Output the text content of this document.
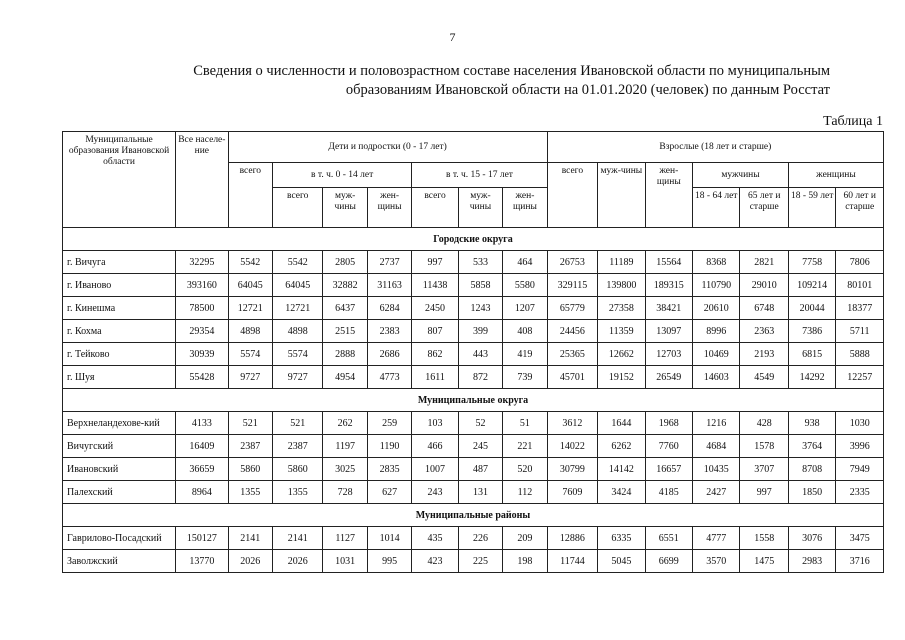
7
Сведения о численности и половозрастном составе населения Ивановской области по муниципальным
образованиям Ивановской области на 01.01.2020 (человек) по данным Росстат
Таблица 1
Муниципальные образования Ивановской области	Все населе-ние	Дети и подростки (0 - 17 лет)							Взрослые (18 лет и старше)						
		всего	в т. ч. 0 - 14 лет			в т. ч. 15 - 17 лет			всего	муж-чины	жен-щины	мужчины		женщины	
			всего	муж-чины	жен-щины	всего	муж-чины	жен-щины				18 - 64 лет	65 лет и старше	18 - 59 лет	60 лет и старше
Городские округа															
г. Вичуга	32295	5542	5542	2805	2737	997	533	464	26753	11189	15564	8368	2821	7758	7806
г. Иваново	393160	64045	64045	32882	31163	11438	5858	5580	329115	139800	189315	110790	29010	109214	80101
г. Кинешма	78500	12721	12721	6437	6284	2450	1243	1207	65779	27358	38421	20610	6748	20044	18377
г. Кохма	29354	4898	4898	2515	2383	807	399	408	24456	11359	13097	8996	2363	7386	5711
г. Тейково	30939	5574	5574	2888	2686	862	443	419	25365	12662	12703	10469	2193	6815	5888
г. Шуя	55428	9727	9727	4954	4773	1611	872	739	45701	19152	26549	14603	4549	14292	12257
Муниципальные округа															
Верхнеландехове-кий	4133	521	521	262	259	103	52	51	3612	1644	1968	1216	428	938	1030
Вичугский	16409	2387	2387	1197	1190	466	245	221	14022	6262	7760	4684	1578	3764	3996
Ивановский	36659	5860	5860	3025	2835	1007	487	520	30799	14142	16657	10435	3707	8708	7949
Палехский	8964	1355	1355	728	627	243	131	112	7609	3424	4185	2427	997	1850	2335
Муниципальные районы															
Гаврилово-Посадский	150127	2141	2141	1127	1014	435	226	209	12886	6335	6551	4777	1558	3076	3475
Заволжский	13770	2026	2026	1031	995	423	225	198	11744	5045	6699	3570	1475	2983	3716
